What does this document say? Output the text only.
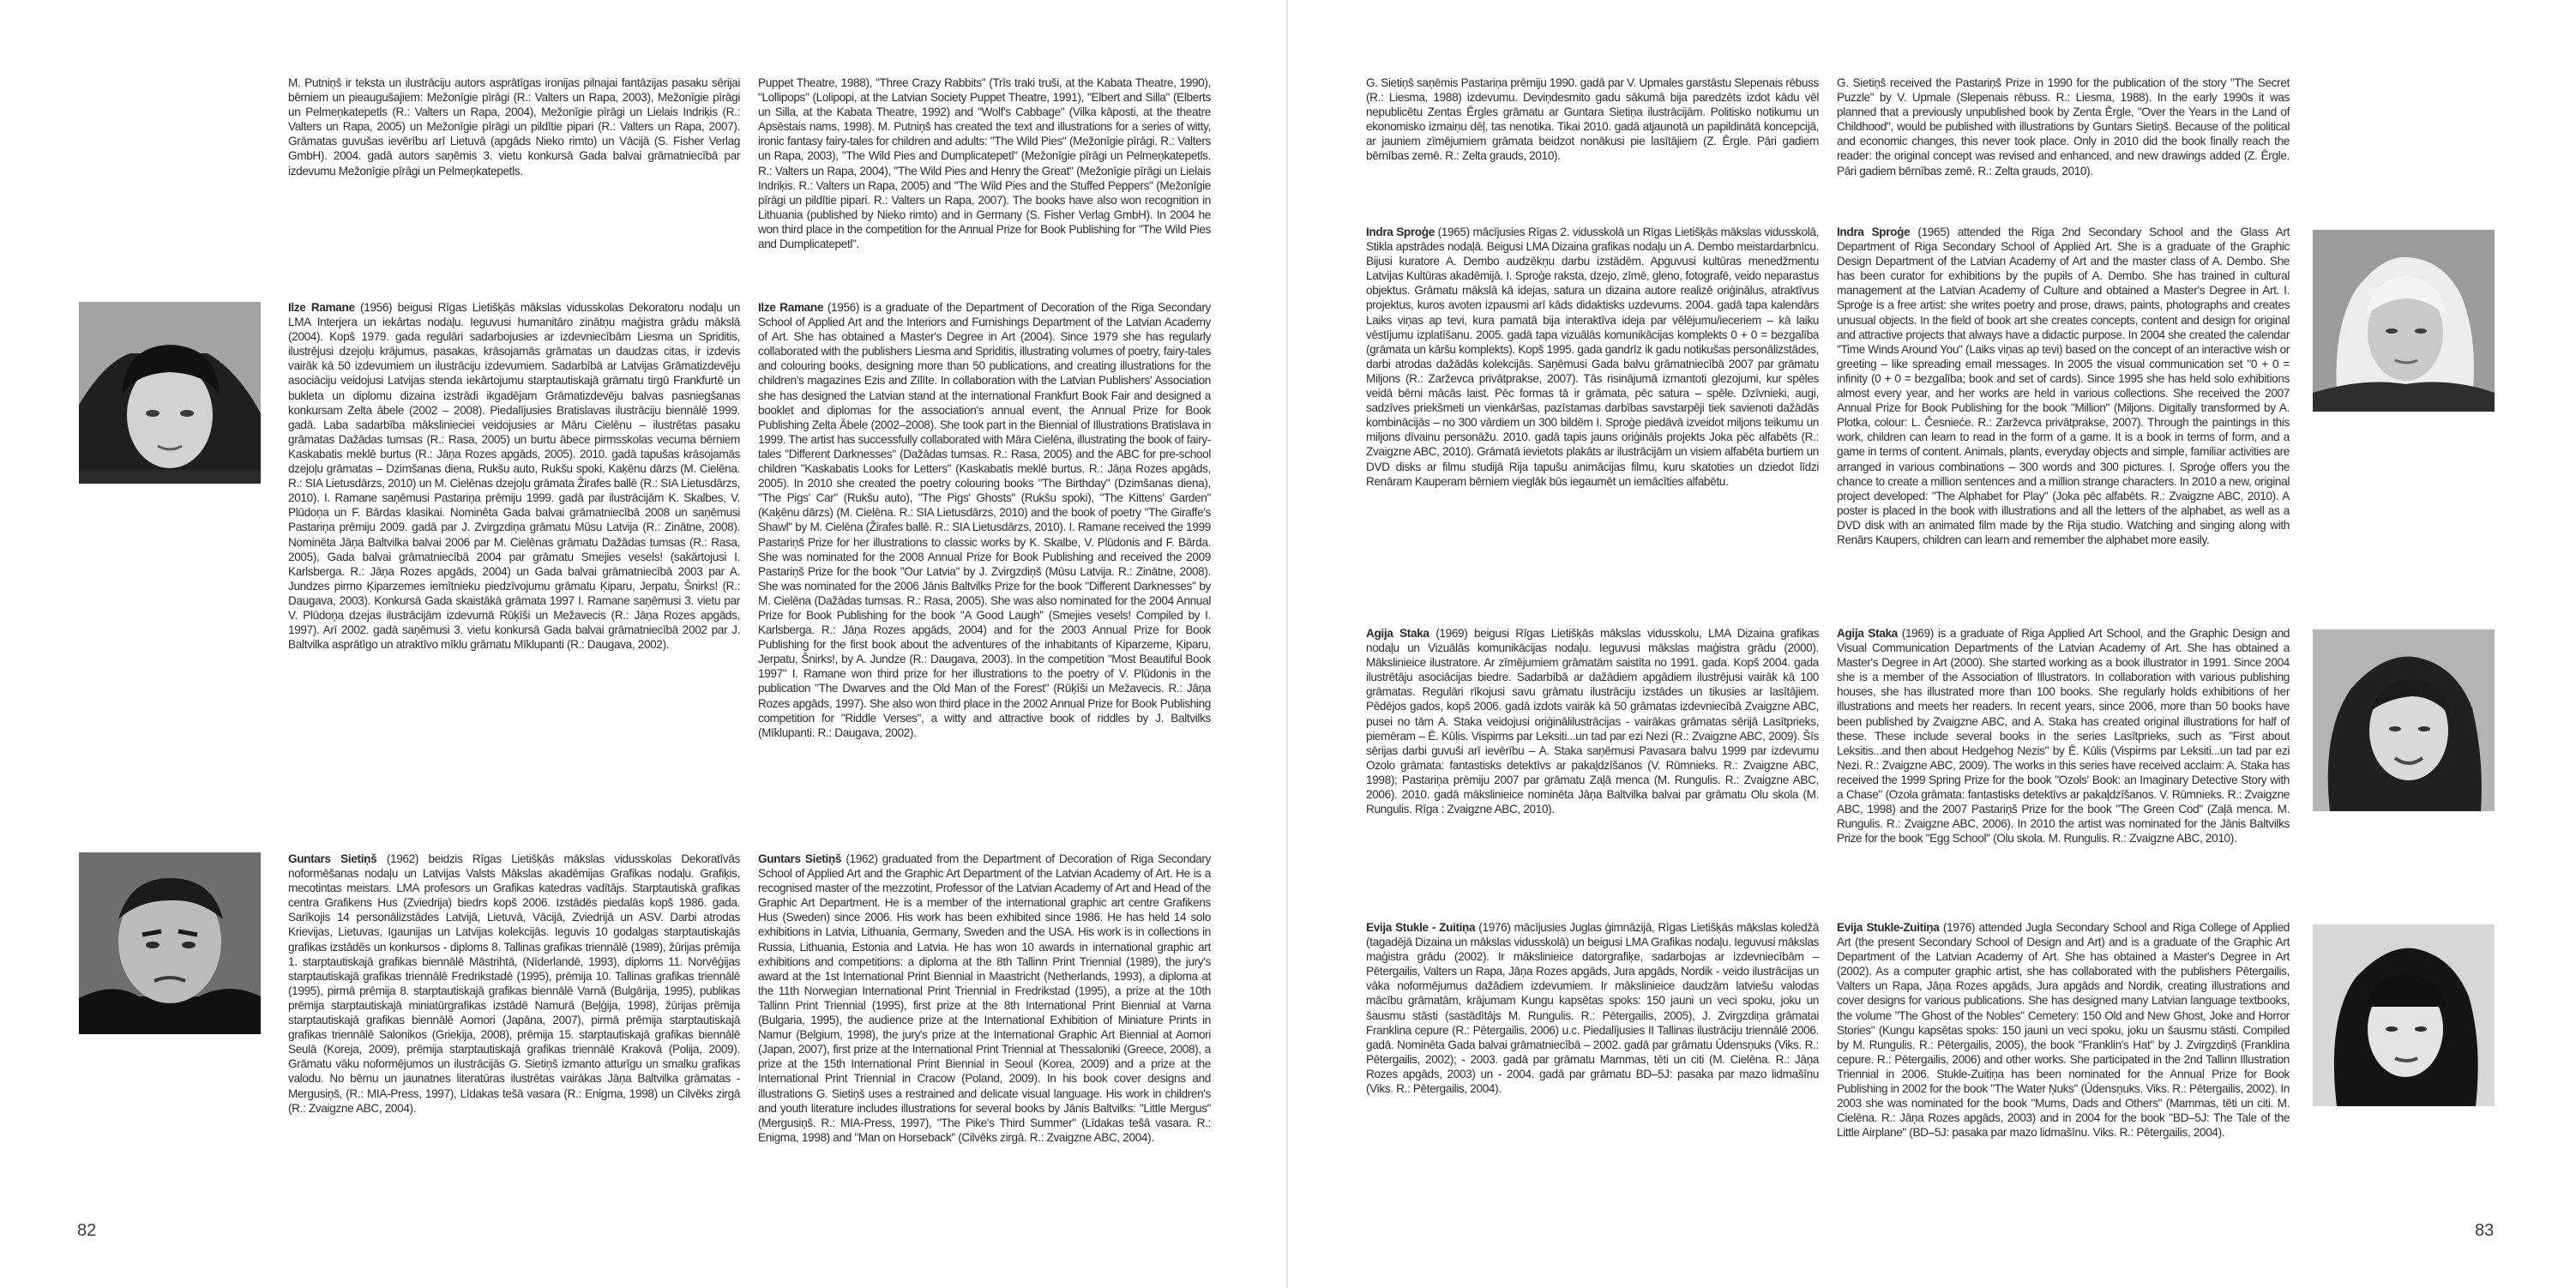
M. Putniņš ir teksta un ilustrāciju autors asprātīgas ironijas pilnajai fantāzijas pasaku sērijai bērniem un pieaugušajiem: Mežonīgie pīrāgi (R.: Valters un Rapa, 2003), Mežonīgie pīrāgi un Pelmeņkatepetls (R.: Valters un Rapa, 2004), Mežonīgie pīrāgi un Lielais Indriķis (R.: Valters un Rapa, 2005) un Mežonīgie pīrāgi un pildītie pipari (R.: Valters un Rapa, 2007). Grāmatas guvušas ievērību arī Lietuvā (apgāds Nieko rimto) un Vācijā (S. Fisher Verlag GmbH). 2004. gadā autors saņēmis 3. vietu konkursā Gada balvai grāmatniecībā par izdevumu Mežonīgie pīrāgi un Pelmeņkatepetls.

Puppet Theatre, 1988), "Three Crazy Rabbits" (Trīs traki truši, at the Kabata Theatre, 1990), "Lollipops" (Lolipopi, at the Latvian Society Puppet Theatre, 1991), "Elbert and Silla" (Elberts un Silla, at the Kabata Theatre, 1992) and "Wolf's Cabbage" (Vilka kāposti, at the theatre Apsēstais nams, 1998). M. Putniņš has created the text and illustrations for a series of witty, ironic fantasy fairy-tales for children and adults: "The Wild Pies" (Mežonīgie pīrāgi. R.: Valters un Rapa, 2003), "The Wild Pies and Dumplicatepetl" (Mežonīgie pīrāgi un Pelmeņkatepetls. R.: Valters un Rapa, 2004), "The Wild Pies and Henry the Great" (Mežonīgie pīrāgi un Lielais Indriķis. R.: Valters un Rapa, 2005) and "The Wild Pies and the Stuffed Peppers" (Mežonīgie pīrāgi un pildītie pipari. R.: Valters un Rapa, 2007). The books have also won recognition in Lithuania (published by Nieko rimto) and in Germany (S. Fisher Verlag GmbH). In 2004 he won third place in the competition for the Annual Prize for Book Publishing for "The Wild Pies and Dumplicatepetl".

Ilze Ramane (1956) beigusi Rīgas Lietišķās mākslas vidusskolas Dekoratoru nodaļu un LMA Interjera un iekārtas nodaļu. Ieguvusi humanitāro zinātņu maģistra grādu mākslā (2004). Kopš 1979. gada regulāri sadarbojusies ar izdevniecībām Liesma un Spriditis, ilustrējusi dzejoļu krājumus, pasakas, krāsojamās grāmatas un daudzas citas, ir izdevis vairāk kā 50 izdevumiem un ilustrāciju izdevumiem. Sadarbībā ar Latvijas Grāmatizdevēju asociāciju veidojusi Latvijas stenda iekārtojumu starptautiskajā grāmatu tirgū Frankfurtē un bukleta un diplomu dizaina izstrādi ikgadējam Grāmatizdevēju balvas pasniegšanas konkursam Zelta ābele (2002 – 2008). Piedalījusies Bratislavas ilustrāciju biennālē 1999. gadā. Laba sadarbība mākslinieciei veidojusies ar Māru Cielēnu – ilustrētas pasaku grāmatas Dažādas tumsas (R.: Rasa, 2005) un burtu ābece pirmsskolas vecuma bērniem Kaskabatis meklē burtus (R.: Jāņa Rozes apgāds, 2005). 2010. gadā tapušas krāsojamās dzejoļu grāmatas – Dzimšanas diena, Rukšu auto, Rukšu spoki, Kaķēnu dārzs (M. Cielēna. R.: SIA Lietusdārzs, 2010) un M. Cielēnas dzejoļu grāmata Žirafes ballē (R.: SIA Lietusdārzs, 2010). I. Ramane saņēmusi Pastariņa prēmiju 1999. gadā par ilustrācijām K. Skalbes, V. Plūdoņa un F. Bārdas klasikai. Nominēta Gada balvai grāmatniecībā 2008 un saņēmusi Pastariņa prēmiju 2009. gadā par J. Zvirgzdiņa grāmatu Mūsu Latvija (R.: Zinātne, 2008). Nominēta Jāņa Baltvilka balvai 2006 par M. Cielēnas grāmatu Dažādas tumsas (R.: Rasa, 2005), Gada balvai grāmatniecībā 2004 par grāmatu Smejies vesels! (sakārtojusi I. Karlsberga. R.: Jāņa Rozes apgāds, 2004) un Gada balvai grāmatniecībā 2003 par A. Jundzes pirmo Ķiparzemes iemītnieku piedzīvojumu grāmatu Ķiparu, Jerpatu, Šnirks! (R.: Daugava, 2003). Konkursā Gada skaistākā grāmata 1997 I. Ramane saņēmusi 3. vietu par V. Plūdoņa dzejas ilustrācijām izdevumā Rūķīši un Mežavecis (R.: Jāņa Rozes apgāds, 1997). Arī 2002. gadā saņēmusi 3. vietu konkursā Gada balvai grāmatniecībā 2002 par J. Baltvilka asprātīgo un atraktīvo mīklu grāmatu Mīklupanti (R.: Daugava, 2002).

Ilze Ramane (1956) is a graduate of the Department of Decoration of the Riga Secondary School of Applied Art and the Interiors and Furnishings Department of the Latvian Academy of Art. She has obtained a Master's Degree in Art (2004). Since 1979 she has regularly collaborated with the publishers Liesma and Spriditis, illustrating volumes of poetry, fairy-tales and colouring books, designing more than 50 publications, and creating illustrations for the children's magazines Ezis and Zīlīte. In collaboration with the Latvian Publishers' Association she has designed the Latvian stand at the international Frankfurt Book Fair and designed a booklet and diplomas for the association's annual event, the Annual Prize for Book Publishing Zelta Ābele (2002–2008). She took part in the Biennial of Illustrations Bratislava in 1999. The artist has successfully collaborated with Māra Cielēna, illustrating the book of fairy-tales "Different Darknesses" (Dažādas tumsas. R.: Rasa, 2005) and the ABC for pre-school children "Kaskabatis Looks for Letters" (Kaskabatis meklē burtus. R.: Jāņa Rozes apgāds, 2005). In 2010 she created the poetry colouring books "The Birthday" (Dzimšanas diena), "The Pigs' Car" (Rukšu auto), "The Pigs' Ghosts" (Rukšu spoki), "The Kittens' Garden" (Kaķēnu dārzs) (M. Cielēna. R.: SIA Lietusdārzs, 2010) and the book of poetry "The Giraffe's Shawl" by M. Cielēna (Žirafes ballē. R.: SIA Lietusdārzs, 2010). I. Ramane received the 1999 Pastariņš Prize for her illustrations to classic works by K. Skalbe, V. Plūdonis and F. Bārda. She was nominated for the 2008 Annual Prize for Book Publishing and received the 2009 Pastariņš Prize for the book "Our Latvia" by J. Zvirgzdiņš (Mūsu Latvija. R.: Zinātne, 2008). She was nominated for the 2006 Jānis Baltvilks Prize for the book "Different Darknesses" by M. Cielēna (Dažādas tumsas. R.: Rasa, 2005). She was also nominated for the 2004 Annual Prize for Book Publishing for the book "A Good Laugh" (Smejies vesels! Compiled by I. Karlsberga. R.: Jāņa Rozes apgāds, 2004) and for the 2003 Annual Prize for Book Publishing for the first book about the adventures of the inhabitants of Kiparzeme, Ķiparu, Jerpatu, Šnirks!, by A. Jundze (R.: Daugava, 2003). In the competition "Most Beautiful Book 1997" I. Ramane won third prize for her illustrations to the poetry of V. Plūdonis in the publication "The Dwarves and the Old Man of the Forest" (Rūķīši un Mežavecis. R.: Jāņa Rozes apgāds, 1997). She also won third place in the 2002 Annual Prize for Book Publishing competition for "Riddle Verses", a witty and attractive book of riddles by J. Baltvilks (Mīklupanti. R.: Daugava, 2002).

Guntars Sietiņš (1962) beidzis Rīgas Lietišķās mākslas vidusskolas Dekoratīvās noformēšanas nodaļu un Latvijas Valsts Mākslas akadēmijas Grafikas nodaļu. Grafiķis, mecotintas meistars. LMA profesors un Grafikas katedras vadītājs. Starptautiskā grafikas centra Grafikens Hus (Zviedrija) biedrs kopš 2006. Izstādēs piedalās kopš 1986. gada. Sarīkojis 14 personālizstādes Latvijā, Lietuvā, Vācijā, Zviedrijā un ASV. Darbi atrodas Krievijas, Lietuvas, Igaunijas un Latvijas kolekcijās. Ieguvis 10 godalgas starptautiskajās grafikas izstādēs un konkursos - diploms 8. Tallinas grafikas triennālē (1989), žūrijas prēmija 1. starptautiskajā grafikas biennālē Māstrihtā, (Nīderlandē, 1993), diploms 11. Norvēģijas starptautiskajā grafikas triennālē Fredrikstadē (1995), prēmija 10. Tallinas grafikas triennālē (1995), pirmā prēmija 8. starptautiskajā grafikas biennālē Varnā (Bulgārija, 1995), publikas prēmija starptautiskajā miniatūrgrafikas izstādē Namurā (Beļģija, 1998), žūrijas prēmija starptautiskajā grafikas biennālē Aomori (Japāna, 2007), pirmā prēmija starptautiskajā grafikas triennālē Salonikos (Grieķija, 2008), prēmija 15. starptautiskajā grafikas biennālē Seulā (Koreja, 2009), prēmija starptautiskajā grafikas triennālē Krakovā (Polija, 2009). Grāmatu vāku noformējumos un ilustrācijās G. Sietiņš izmanto atturīgu un smalku grafikas valodu. No bērnu un jaunatnes literatūras ilustrētas vairākas Jāņa Baltvilka grāmatas - Mergusiņš, (R.: MIA-Press, 1997), Līdakas tešā vasara (R.: Enigma, 1998) un Cilvēks zirgā (R.: Zvaigzne ABC, 2004).

Guntars Sietiņš (1962) graduated from the Department of Decoration of Riga Secondary School of Applied Art and the Graphic Art Department of the Latvian Academy of Art. He is a recognised master of the mezzotint, Professor of the Latvian Academy of Art and Head of the Graphic Art Department. He is a member of the international graphic art centre Grafikens Hus (Sweden) since 2006. His work has been exhibited since 1986. He has held 14 solo exhibitions in Latvia, Lithuania, Germany, Sweden and the USA. His work is in collections in Russia, Lithuania, Estonia and Latvia. He has won 10 awards in international graphic art exhibitions and competitions: a diploma at the 8th Tallinn Print Triennial (1989), the jury's award at the 1st International Print Biennial in Maastricht (Netherlands, 1993), a diploma at the 11th Norwegian International Print Triennial in Fredrikstad (1995), a prize at the 10th Tallinn Print Triennial (1995), first prize at the 8th International Print Biennial at Varna (Bulgaria, 1995), the audience prize at the International Exhibition of Miniature Prints in Namur (Belgium, 1998), the jury's prize at the International Graphic Art Biennial at Aomori (Japan, 2007), first prize at the International Print Triennial at Thessaloniki (Greece, 2008), a prize at the 15th International Print Biennial in Seoul (Korea, 2009) and a prize at the International Print Triennial in Cracow (Poland, 2009). In his book cover designs and illustrations G. Sietiņš uses a restrained and delicate visual language. His work in children's and youth literature includes illustrations for several books by Jānis Baltvilks: "Little Mergus" (Mergusiņš. R.: MIA-Press, 1997), "The Pike's Third Summer" (Līdakas tešā vasara. R.: Enigma, 1998) and "Man on Horseback" (Cilvēks zirgā. R.: Zvaigzne ABC, 2004).

82

G. Sietiņš saņēmis Pastariņa prēmiju 1990. gadā par V. Upmales garstāstu Slepenais rēbuss (R.: Liesma, 1988) izdevumu. Deviņdesmito gadu sākumā bija paredzēts izdot kādu vēl nepublicētu Zentas Ērgles grāmatu ar Guntara Sietiņa ilustrācijām. Politisko notikumu un ekonomisko izmaiņu dēļ, tas nenotika. Tikai 2010. gadā atjaunotā un papildinātā koncepcijā, ar jauniem zīmējumiem grāmata beidzot nonākusi pie lasītājiem (Z. Ērgle. Pāri gadiem bērnības zemē. R.: Zelta grauds, 2010).

G. Sietiņš received the Pastariņš Prize in 1990 for the publication of the story "The Secret Puzzle" by V. Upmale (Slepenais rēbuss. R.: Liesma, 1988). In the early 1990s it was planned that a previously unpublished book by Zenta Ērgle, "Over the Years in the Land of Childhood", would be published with illustrations by Guntars Sietiņš. Because of the political and economic changes, this never took place. Only in 2010 did the book finally reach the reader: the original concept was revised and enhanced, and new drawings added (Z. Ērgle. Pāri gadiem bērnības zemē. R.: Zelta grauds, 2010).

Indra Sproģe (1965) mācījusies Rīgas 2. vidusskolā un Rīgas Lietišķās mākslas vidusskolā, Stikla apstrādes nodaļā. Beigusi LMA Dizaina grafikas nodaļu un A. Dembo meistardarbnīcu. Bijusi kuratore A. Dembo audzēkņu darbu izstādēm. Apguvusi kultūras menedžmentu Latvijas Kultūras akadēmijā. I. Sproģe raksta, dzejo, zīmē, gleno, fotografē, veido neparastus objektus. Grāmatu mākslā kā idejas, satura un dizaina autore realizē oriģinālus, atraktīvus projektus, kuros avoten izpausmi arī kāds didaktisks uzdevums. 2004. gadā tapa kalendārs Laiks viņas ap tevi, kura pamatā bija interaktīva ideja par vēlējumu/ieceriem – kā laiku vēstījumu izplatīšanu. 2005. gadā tapa vizuālās komunikācijas komplekts 0 + 0 = bezgalība (grāmata un kāršu komplekts). Kopš 1995. gada gandrīz ik gadu notikušas personālizstādes, darbi atrodas dažādās kolekcijās. Saņēmusi Gada balvu grāmatniecībā 2007 par grāmatu Miljons (R.: Zarževca privātprakse, 2007). Tās risinājumā izmantoti glezojumi, kur spēles veidā bērni mācās laist. Pēc formas tā ir grāmata, pēc satura – spēle. Dzīvnieki, augi, sadzīves priekšmeti un vienkāršas, pazīstamas darbības savstarpēji tiek savienoti dažādās kombinācijās – no 300 vārdiem un 300 bildēm I. Sproģe piedāvā izveidot miljons teikumu un miljons dīvainu personāžu. 2010. gadā tapis jauns oriģināls projekts Joka pēc alfabēts (R.: Zvaigzne ABC, 2010). Grāmatā ievietots plakāts ar ilustrācijām un visiem alfabēta burtiem un DVD disks ar filmu studijā Rija tapušu animācijas filmu, kuru skatoties un dziedot līdzi Renāram Kauperam bērniem vieglāk būs iegaumēt un iemācīties alfabētu.

Indra Sproģe (1965) attended the Riga 2nd Secondary School and the Glass Art Department of Riga Secondary School of Applied Art. She is a graduate of the Graphic Design Department of the Latvian Academy of Art and the master class of A. Dembo. She has been curator for exhibitions by the pupils of A. Dembo. She has trained in cultural management at the Latvian Academy of Culture and obtained a Master's Degree in Art. I. Sproģe is a free artist: she writes poetry and prose, draws, paints, photographs and creates unusual objects. In the field of book art she creates concepts, content and design for original and attractive projects that always have a didactic purpose. In 2004 she created the calendar "Time Winds Around You" (Laiks viņas ap tevi) based on the concept of an interactive wish or greeting – like spreading email messages. In 2005 the visual communication set "0 + 0 = infinity (0 + 0 = bezgalība; book and set of cards). Since 1995 she has held solo exhibitions almost every year, and her works are held in various collections. She received the 2007 Annual Prize for Book Publishing for the book "Million" (Miljons. Digitally transformed by A. Plotka, colour: L. Česnieće. R.: Zarževca privātprakse, 2007). Through the paintings in this work, children can learn to read in the form of a game. It is a book in terms of form, and a game in terms of content. Animals, plants, everyday objects and simple, familiar activities are arranged in various combinations – 300 words and 300 pictures. I. Sproģe offers you the chance to create a million sentences and a million strange characters. In 2010 a new, original project developed: "The Alphabet for Play" (Joka pēc alfabēts. R.: Zvaigzne ABC, 2010). A poster is placed in the book with illustrations and all the letters of the alphabet, as well as a DVD disk with an animated film made by the Rija studio. Watching and singing along with Renārs Kaupers, children can learn and remember the alphabet more easily.

Agija Staka (1969) beigusi Rīgas Lietišķās mākslas vidusskolu, LMA Dizaina grafikas nodaļu un Vizuālās komunikācijas nodaļu. Ieguvusi mākslas maģistra grādu (2000). Mākslinieice ilustratore. Ar zīmējumiem grāmatām saistīta no 1991. gada. Kopš 2004. gada ilustrētāju asociācijas biedre. Sadarbībā ar dažādiem apgādiem ilustrējusi vairāk kā 100 grāmatas. Regulāri rīkojusi savu grāmatu ilustrāciju izstādes un tikusies ar lasītājiem. Pēdējos gados, kopš 2006. gadā izdots vairāk kā 50 grāmatas izdevniecībā Zvaigzne ABC, pusei no tām A. Staka veidojusi oriģinālilustrācijas - vairākas grāmatas sērijā Lasītprieks, piemēram – Ē. Kūlis. Vispirms par Leksiti...un tad par ezi Nezi (R.: Zvaigzne ABC, 2009). Šīs sērijas darbi guvuši arī ievērību – A. Staka saņēmusi Pavasara balvu 1999 par izdevumu Ozolo grāmata: fantastisks detektīvs ar pakaļdzīšanos (V. Rūmnieks. R.: Zvaigzne ABC, 1998); Pastariņa prēmiju 2007 par grāmatu Zaļā menca (M. Rungulis. R.: Zvaigzne ABC, 2006). 2010. gadā mākslinieice nominēta Jāņa Baltvilka balvai par grāmatu Olu skola (M. Rungulis. Rīga : Zvaigzne ABC, 2010).

Agija Staka (1969) is a graduate of Riga Applied Art School, and the Graphic Design and Visual Communication Departments of the Latvian Academy of Art. She has obtained a Master's Degree in Art (2000). She started working as a book illustrator in 1991. Since 2004 she is a member of the Association of Illustrators. In collaboration with various publishing houses, she has illustrated more than 100 books. She regularly holds exhibitions of her illustrations and meets her readers. In recent years, since 2006, more than 50 books have been published by Zvaigzne ABC, and A. Staka has created original illustrations for half of these. These include several books in the series Lasītprieks, such as "First about Leksitis...and then about Hedgehog Nezis" by Ē. Kūlis (Vispirms par Leksiti...un tad par ezi Nezi. R.: Zvaigzne ABC, 2009). The works in this series have received acclaim: A. Staka has received the 1999 Spring Prize for the book "Ozols' Book: an Imaginary Detective Story with a Chase" (Ozola grāmata: fantastisks detektīvs ar pakaļdzīšanos. V. Rūmnieks. R.: Zvaigzne ABC, 1998) and the 2007 Pastariņš Prize for the book "The Green Cod" (Zaļā menca. M. Rungulis. R.: Zvaigzne ABC, 2006). In 2010 the artist was nominated for the Jānis Baltvilks Prize for the book "Egg School" (Olu skola. M. Rungulis. R.: Zvaigzne ABC, 2010).

Evija Stukle - Zuitiņa (1976) mācījusies Juglas ģimnāzijā, Rīgas Lietišķās mākslas koledžā (tagadējā Dizaina un mākslas vidusskolā) un beigusi LMA Grafikas nodaļu. Ieguvusi mākslas maģistra grādu (2002). Ir mākslinieice datorgrafiķe, sadarbojas ar izdevniecībām – Pētergailis, Valters un Rapa, Jāņa Rozes apgāds, Jura apgāds, Nordik - veido ilustrācijas un vāka noformējumus dažādiem izdevumiem. Ir mākslinieice daudzām latviešu valodas mācību grāmatām, krājumam Kungu kapsētas spoks: 150 jauni un veci spoku, joku un šausmu stāsti (sastādītājs M. Rungulis. R.: Pētergailis, 2005), J. Zvirgzdiņa grāmatai Franklina cepure (R.: Pētergailis, 2006) u.c. Piedalījusies II Tallinas ilustrāciju triennālē 2006. gadā. Nominēta Gada balvai grāmatniecībā – 2002. gadā par grāmatu Ūdensņuks (Viks. R.: Pētergailis, 2002); - 2003. gadā par grāmatu Mammas, tēti un citi (M. Cielēna. R.: Jāņa Rozes apgāds, 2003) un - 2004. gadā par grāmatu BD–5J: pasaka par mazo lidmašīnu (Viks. R.: Pētergailis, 2004).

Evija Stukle-Zuitiņa (1976) attended Jugla Secondary School and Riga College of Applied Art (the present Secondary School of Design and Art) and is a graduate of the Graphic Art Department of the Latvian Academy of Art. She has obtained a Master's Degree in Art (2002). As a computer graphic artist, she has collaborated with the publishers Pētergailis, Valters un Rapa, Jāņa Rozes apgāds, Jura apgāds and Nordik, creating illustrations and cover designs for various publications. She has designed many Latvian language textbooks, the volume "The Ghost of the Nobles" Cemetery: 150 Old and New Ghost, Joke and Horror Stories" (Kungu kapsētas spoks: 150 jauni un veci spoku, joku un šausmu stāsti. Compiled by M. Rungulis. R.: Pētergailis, 2005), the book "Franklin's Hat" by J. Zvirgzdiņš (Franklina cepure. R.: Pētergailis, 2006) and other works. She participated in the 2nd Tallinn Illustration Triennial in 2006. Stukle-Zuitiņa has been nominated for the Annual Prize for Book Publishing in 2002 for the book "The Water Ņuks" (Ūdensņuks. Viks. R.: Pētergailis, 2002). In 2003 she was nominated for the book "Mums, Dads and Others" (Mammas, tēti un citi. M. Cielēna. R.: Jāņa Rozes apgāds, 2003) and in 2004 for the book "BD–5J: The Tale of the Little Airplane" (BD–5J: pasaka par mazo lidmašīnu. Viks. R.: Pētergailis, 2004).

83
